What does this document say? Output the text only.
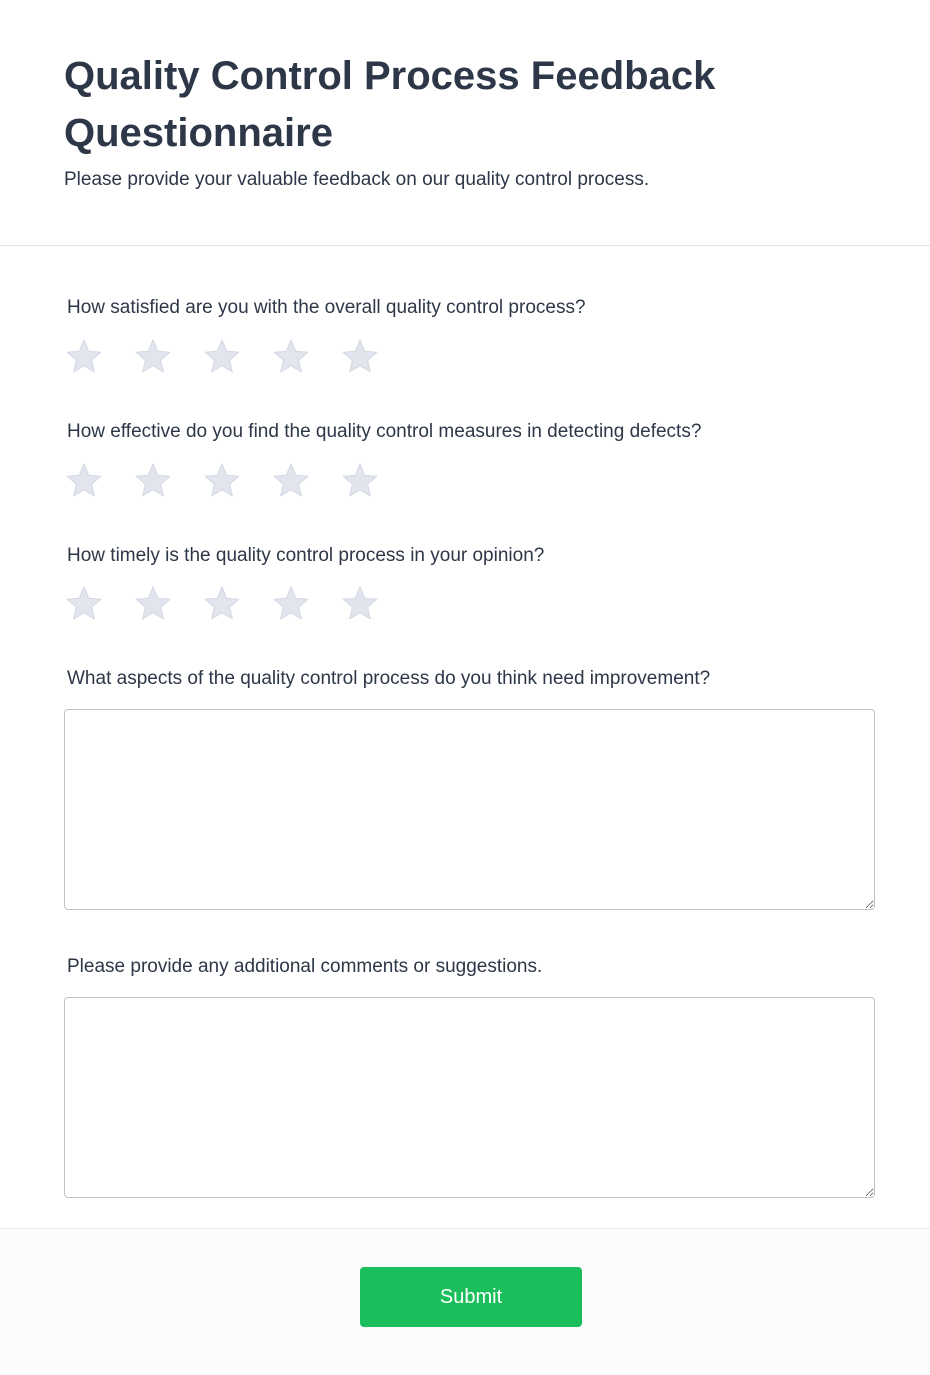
Quality Control Process Feedback Questionnaire

Please provide your valuable feedback on our quality control process.

How satisfied are you with the overall quality control process?

How effective do you find the quality control measures in detecting defects?

How timely is the quality control process in your opinion?

What aspects of the quality control process do you think need improvement?

Please provide any additional comments or suggestions.

Submit
